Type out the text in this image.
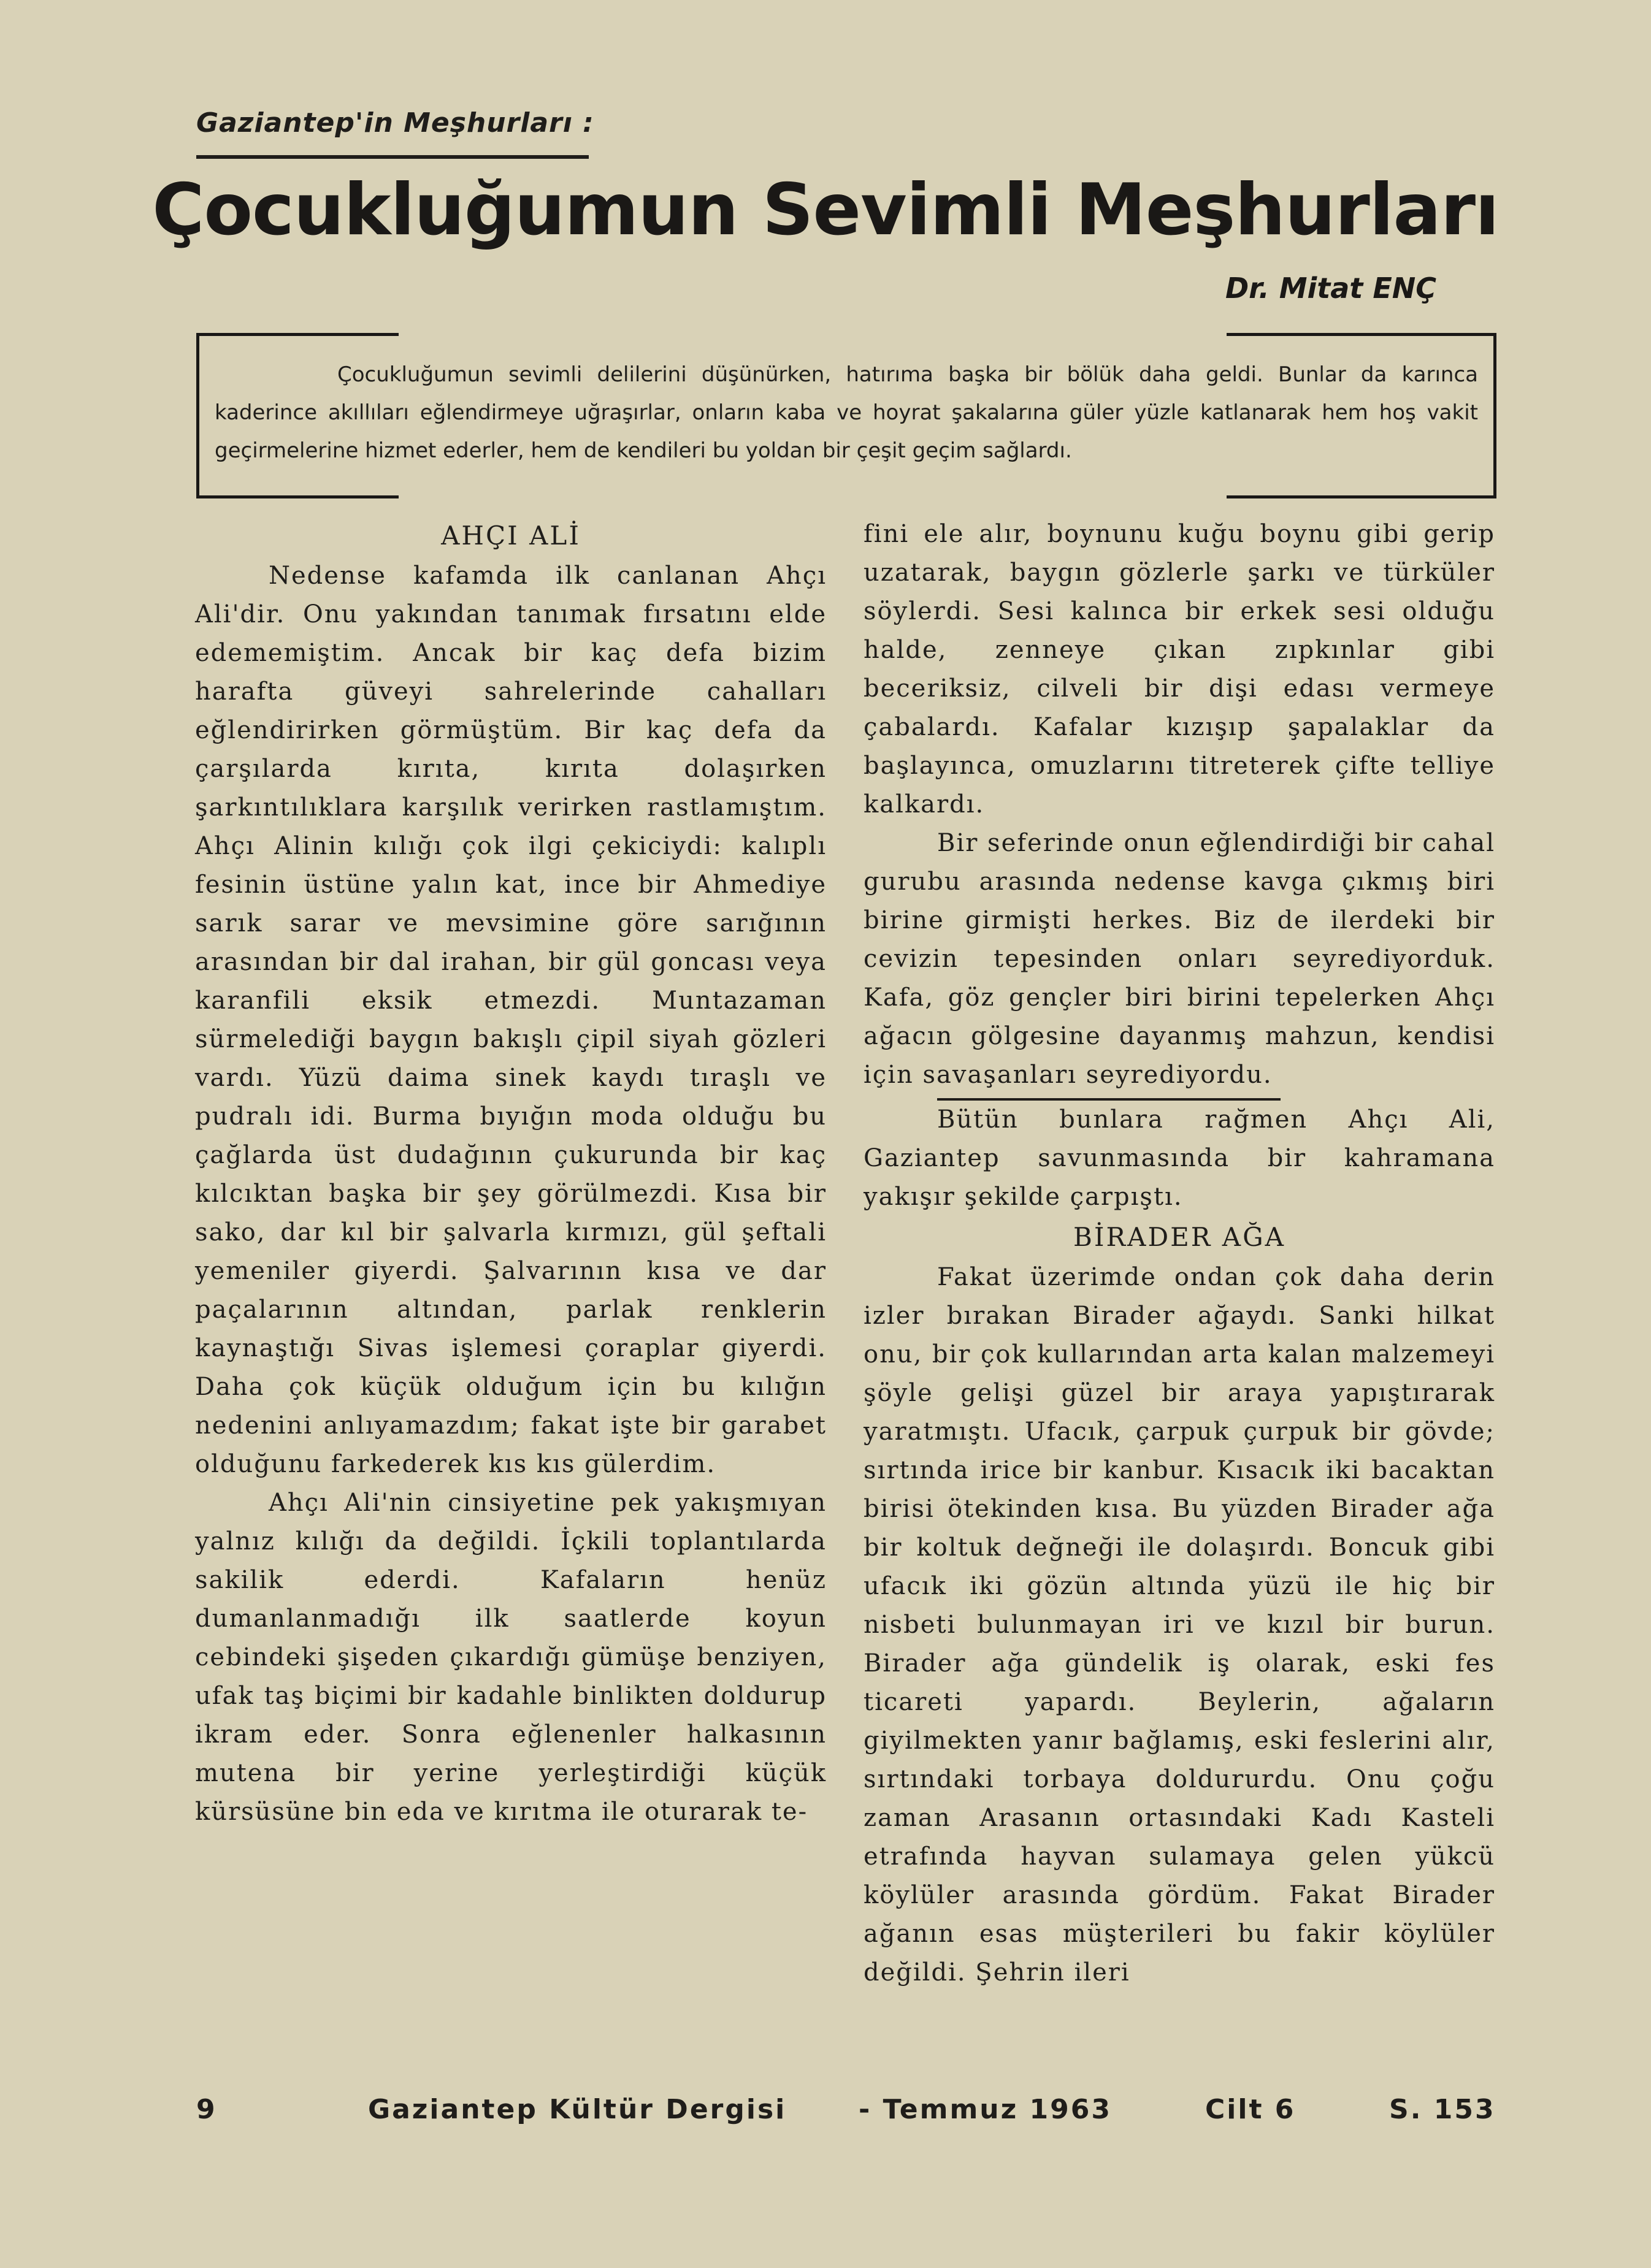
Gaziantep'in Meşhurları :
Çocukluğumun Sevimli Meşhurları
Dr. Mitat ENÇ
Çocukluğumun sevimli delilerini düşünürken, hatırıma başka bir bölük daha geldi. Bunlar da karınca kaderince akıllıları eğlendirmeye uğraşırlar, onların kaba ve hoyrat şakalarına güler yüzle katlanarak hem hoş vakit geçirmelerine hizmet ederler, hem de kendileri bu yoldan bir çeşit geçim sağlardı.
AHÇI ALİ

Nedense kafamda ilk canlanan Ahçı Ali'dir. Onu yakından tanımak fırsatını elde edememiştim. Ancak bir kaç defa bizim harafta güveyi sahrelerinde cahalları eğlendirirken görmüştüm. Bir kaç defa da çarşılarda kırıta, kırıta dolaşırken şarkıntılıklara karşılık verirken rastlamıştım. Ahçı Alinin kılığı çok ilgi çekiciydi: kalıplı fesinin üstüne yalın kat, ince bir Ahmediye sarık sarar ve mevsimine göre sarığının arasından bir dal irahan, bir gül goncası veya karanfili eksik etmezdi. Muntazaman sürmelediği baygın bakışlı çipil siyah gözleri vardı. Yüzü daima sinek kaydı tıraşlı ve pudralı idi. Burma bıyığın moda olduğu bu çağlarda üst dudağının çukurunda bir kaç kılcıktan başka bir şey görülmezdi. Kısa bir sako, dar kıl bir şalvarla kırmızı, gül şeftali yemeniler giyerdi. Şalvarının kısa ve dar paçalarının altından, parlak renklerin kaynaştığı Sivas işlemesi çoraplar giyerdi. Daha çok küçük olduğum için bu kılığın nedenini anlıyamazdım; fakat işte bir garabet olduğunu farkederek kıs kıs gülerdim.

Ahçı Ali'nin cinsiyetine pek yakışmıyan yalnız kılığı da değildi. İçkili toplantılarda sakilik ederdi. Kafaların henüz dumanlanmadığı ilk saatlerde koyun cebindeki şişeden çıkardığı gümüşe benziyen, ufak taş biçimi bir kadahle binlikten doldurup ikram eder. Sonra eğlenenler halkasının mutena bir yerine yerleştirdiği küçük kürsüsüne bin eda ve kırıtma ile oturarak te-

fini ele alır, boynunu kuğu boynu gibi gerip uzatarak, baygın gözlerle şarkı ve türküler söylerdi. Sesi kalınca bir erkek sesi olduğu halde, zenneye çıkan zıpkınlar gibi beceriksiz, cilveli bir dişi edası vermeye çabalardı. Kafalar kızışıp şapalaklar da başlayınca, omuzlarını titreterek çifte telliye kalkardı.

Bir seferinde onun eğlendirdiği bir cahal gurubu arasında nedense kavga çıkmış biri birine girmişti herkes. Biz de ilerdeki bir cevizin tepesinden onları seyrediyorduk. Kafa, göz gençler biri birini tepelerken Ahçı ağacın gölgesine dayanmış mahzun, kendisi için savaşanları seyrediyordu.

Bütün bunlara rağmen Ahçı Ali, Gaziantep savunmasında bir kahramana yakışır şekilde çarpıştı.

BİRADER AĞA

Fakat üzerimde ondan çok daha derin izler bırakan Birader ağaydı. Sanki hilkat onu, bir çok kullarından arta kalan malzemeyi şöyle gelişi güzel bir araya yapıştırarak yaratmıştı. Ufacık, çarpuk çurpuk bir gövde; sırtında irice bir kanbur. Kısacık iki bacaktan birisi ötekinden kısa. Bu yüzden Birader ağa bir koltuk değneği ile dolaşırdı. Boncuk gibi ufacık iki gözün altında yüzü ile hiç bir nisbeti bulunmayan iri ve kızıl bir burun. Birader ağa gündelik iş olarak, eski fes ticareti yapardı. Beylerin, ağaların giyilmekten yanır bağlamış, eski feslerini alır, sırtındaki torbaya doldururdu. Onu çoğu zaman Arasanın ortasındaki Kadı Kasteli etrafında hayvan sulamaya gelen yükcü köylüler arasında gördüm. Fakat Birader ağanın esas müşterileri bu fakir köylüler değildi. Şehrin ileri

9	Gaziantep Kültür Dergisi	- Temmuz 1963	Cilt 6	S. 153
